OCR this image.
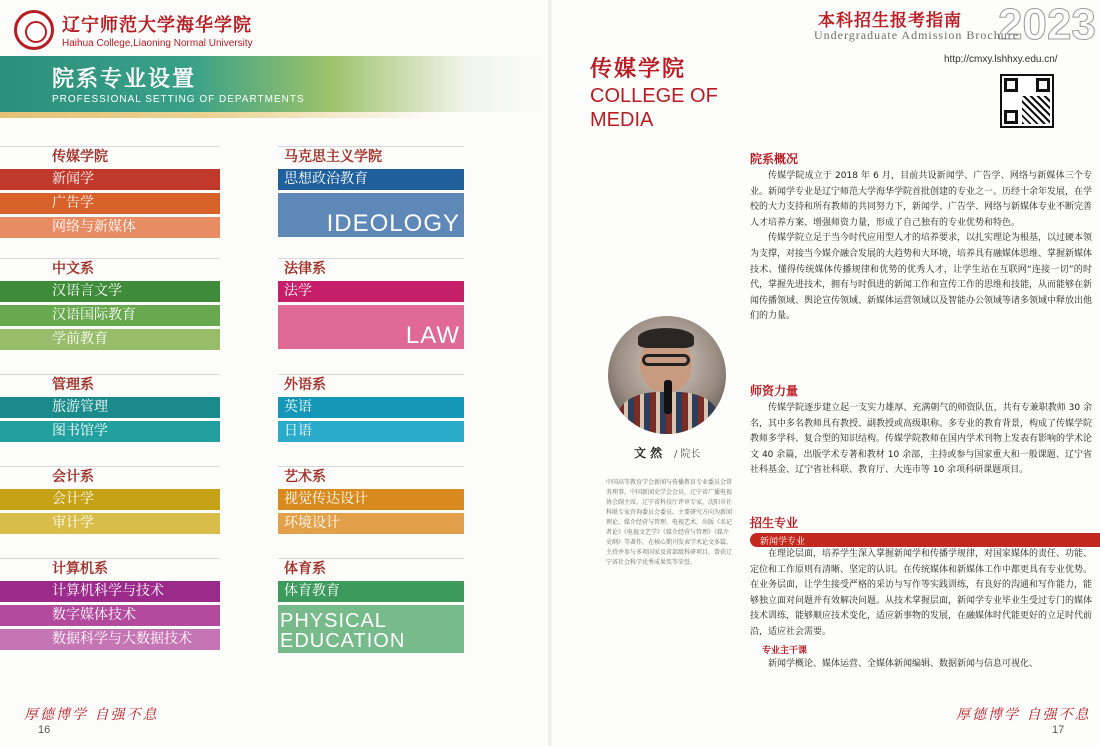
辽宁师范大学海华学院
Haihua College,Liaoning Normal University
院系专业设置
PROFESSIONAL SETTING OF DEPARTMENTS
传媒学院
新闻学
广告学
网络与新媒体
中文系
汉语言文学
汉语国际教育
学前教育
管理系
旅游管理
图书馆学
会计系
会计学
审计学
计算机系
计算机科学与技术
数字媒体技术
数据科学与大数据技术
马克思主义学院
思想政治教育
IDEOLOGY
法律系
法学
LAW
外语系
英语
日语
艺术系
视觉传达设计
环境设计
体育系
体育教育
PHYSICAL EDUCATION
厚德博学 自强不息
16
2023
本科招生报考指南
Undergraduate Admission Brochure
http://cmxy.lshhxy.edu.cn/
传媒学院
COLLEGE OF MEDIA
文 然 / 院长
中国高等教育学会新闻与传播教育专业委员会常务理事，中国新闻史学会会员，辽宁省广播电视协会副主席，辽宁省科技厅评审专家，沈阳市社科联专家咨询委员会委员。主要研究方向为新闻理论、媒介经营与管理、电视艺术，出版《名记者论》《电视文艺学》《媒介经营与管理》《媒介史纲》等著作，在核心期刊发表学术论文多篇，主持并参与多项国家及省部级科研项目，曾获辽宁省社会科学优秀成果奖等荣誉。
院系概况
传媒学院成立于 2018 年 6 月，目前共设新闻学、广告学、网络与新媒体三个专业。新闻学专业是辽宁师范大学海华学院首批创建的专业之一。历经十余年发展，在学校的大力支持和所有教师的共同努力下，新闻学、广告学、网络与新媒体专业不断完善人才培养方案、增强师资力量，形成了自己独有的专业优势和特色。
传媒学院立足于当今时代应用型人才的培养要求，以扎实理论为根基，以过硬本领为支撑，对接当今媒介融合发展的大趋势和大环境，培养具有融媒体思维、掌握新媒体技术、懂得传统媒体传播规律和优势的优秀人才，让学生站在互联网“连接一切”的时代，掌握先进技术，拥有与时俱进的新闻工作和宣传工作的思维和技能，从而能够在新闻传播领域、舆论宣传领域、新媒体运营领域以及智能办公领域等诸多领域中释放出他们的力量。
师资力量
传媒学院逐步建立起一支实力雄厚、充满朝气的师资队伍，共有专兼职教师 30 余名，其中多名教师具有教授、副教授或高级职称。多专业的教育背景，构成了传媒学院教师多学科、复合型的知识结构。传媒学院教师在国内学术刊物上发表有影响的学术论文 40 余篇，出版学术专著和教材 10 余部，主持或参与国家重大和一般课题、辽宁省社科基金、辽宁省社科联、教育厅、大连市等 10 余项科研课题项目。
招生专业
新闻学专业
在理论层面，培养学生深入掌握新闻学和传播学规律，对国家媒体的责任、功能、定位和工作原则有清晰、坚定的认识。在传统媒体和新媒体工作中都更具有专业优势。在业务层面，让学生接受严格的采访与写作等实践训练，有良好的沟通和写作能力，能够独立面对问题并有效解决问题。从技术掌握层面，新闻学专业毕业生受过专门的媒体技术训练，能够顺应技术变化，适应新事物的发展，在融媒体时代能更好的立足时代前沿，适应社会需要。
专业主干课
新闻学概论、媒体运营、全媒体新闻编辑、数据新闻与信息可视化、
厚德博学 自强不息
17
